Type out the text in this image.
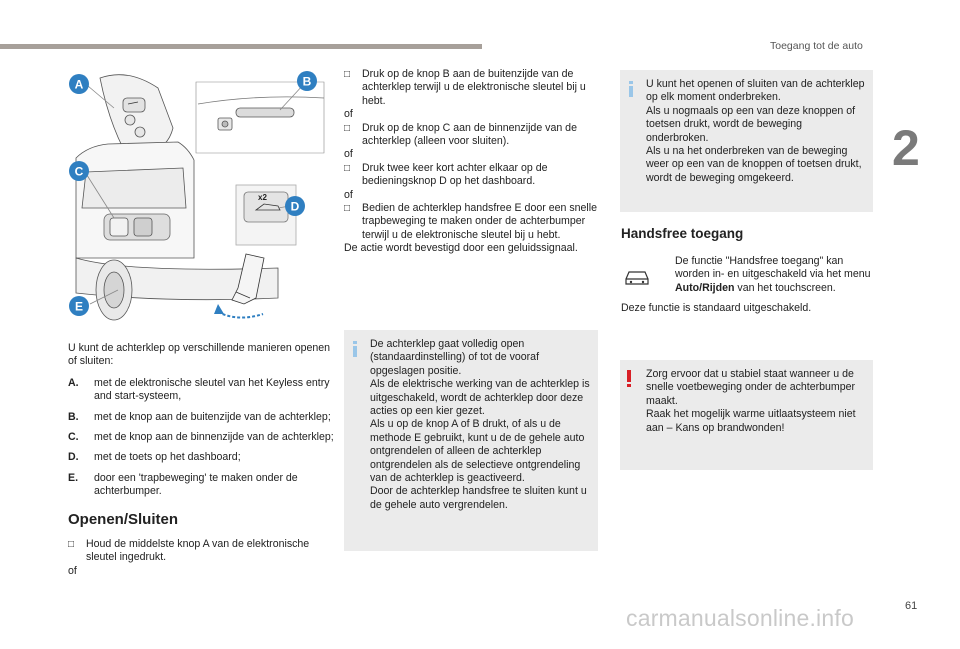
Toegang tot de auto
2
x2
A	B
C
D
E

U kunt de achterklep op verschillende manieren openen of sluiten:

A.	met de elektronische sleutel van het Keyless entry and start-systeem,
B.	met de knop aan de buitenzijde van de achterklep;
C.	met de knop aan de binnenzijde van de achterklep;
D.	met de toets op het dashboard;
E.	door een 'trapbeweging' te maken onder de achterbumper.
Openen/Sluiten
□	Houd de middelste knop A van de elektronische sleutel ingedrukt.

of

□	Druk op de knop B aan de buitenzijde van de achterklep terwijl u de elektronische sleutel bij u hebt.

of

□	Druk op de knop C aan de binnenzijde van de achterklep (alleen voor sluiten).

of

□	Druk twee keer kort achter elkaar op de bedieningsknop D op het dashboard.

of

□	Bedien de achterklep handsfree E door een snelle trapbeweging te maken onder de achterbumper terwijl u de elektronische sleutel bij u hebt.

De actie wordt bevestigd door een geluidssignaal.

De achterklep gaat volledig open (standaardinstelling) of tot de vooraf opgeslagen positie.

Als de elektrische werking van de achterklep is uitgeschakeld, wordt de achterklep door deze acties op een kier gezet.

Als u op de knop A of B drukt, of als u de methode E gebruikt, kunt u de de gehele auto ontgrendelen of alleen de achterklep ontgrendelen als de selectieve ontgrendeling van de achterklep is geactiveerd.

Door de achterklep handsfree te sluiten kunt u de gehele auto vergrendelen.

U kunt het openen of sluiten van de achterklep op elk moment onderbreken.

Als u nogmaals op een van deze knoppen of toetsen drukt, wordt de beweging onderbroken.

Als u na het onderbreken van de beweging weer op een van de knoppen of toetsen drukt, wordt de beweging omgekeerd.

Handsfree toegang
De functie "Handsfree toegang" kan worden in- en uitgeschakeld via het menu Auto/Rijden van het touchscreen.
Deze functie is standaard uitgeschakeld.

Zorg ervoor dat u stabiel staat wanneer u de snelle voetbeweging onder de achterbumper maakt.

Raak het mogelijk warme uitlaatsysteem niet aan – Kans op brandwonden!

61
carmanualsonline.info
